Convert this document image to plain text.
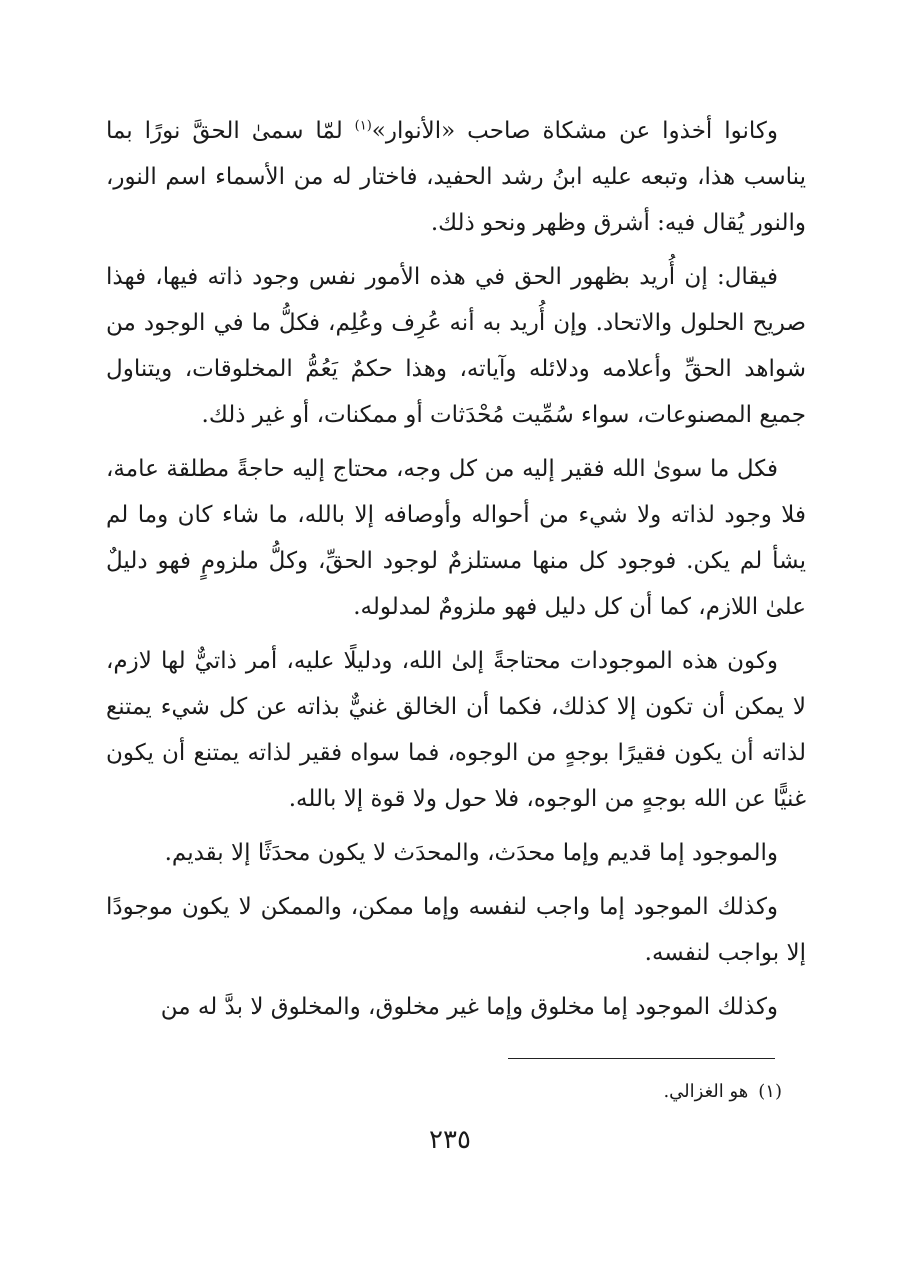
وكانوا أخذوا عن مشكاة صاحب «الأنوار»$^{(١)}$ لمّا سمىٰ الحقَّ نورًا بما يناسب هذا، وتبعه عليه ابنُ رشد الحفيد، فاختار له من الأسماء اسم النور، والنور يُقال فيه: أشرق وظهر ونحو ذلك.

فيقال: إن أُريد بظهور الحق في هذه الأمور نفس وجود ذاته فيها، فهذا صريح الحلول والاتحاد. وإن أُريد به أنه عُرِف وعُلِم، فكلُّ ما في الوجود من شواهد الحقِّ وأعلامه ودلائله وآياته، وهذا حكمٌ يَعُمُّ المخلوقات، ويتناول جميع المصنوعات، سواء سُمِّيت مُحْدَثات أو ممكنات، أو غير ذلك.

فكل ما سوىٰ الله فقير إليه من كل وجه، محتاج إليه حاجةً مطلقة عامة، فلا وجود لذاته ولا شيء من أحواله وأوصافه إلا بالله، ما شاء كان وما لم يشأ لم يكن. فوجود كل منها مستلزمٌ لوجود الحقِّ، وكلُّ ملزومٍ فهو دليلٌ علىٰ اللازم، كما أن كل دليل فهو ملزومٌ لمدلوله.

وكون هذه الموجودات محتاجةً إلىٰ الله، ودليلًا عليه، أمر ذاتيٌّ لها لازم، لا يمكن أن تكون إلا كذلك، فكما أن الخالق غنيٌّ بذاته عن كل شيء يمتنع لذاته أن يكون فقيرًا بوجهٍ من الوجوه، فما سواه فقير لذاته يمتنع أن يكون غنيًّا عن الله بوجهٍ من الوجوه، فلا حول ولا قوة إلا بالله.

والموجود إما قديم وإما محدَث، والمحدَث لا يكون محدَثًا إلا بقديم.

وكذلك الموجود إما واجب لنفسه وإما ممكن، والممكن لا يكون موجودًا إلا بواجب لنفسه.

وكذلك الموجود إما مخلوق وإما غير مخلوق، والمخلوق لا بدَّ له من

(١)هو الغزالي.
٢٣٥
